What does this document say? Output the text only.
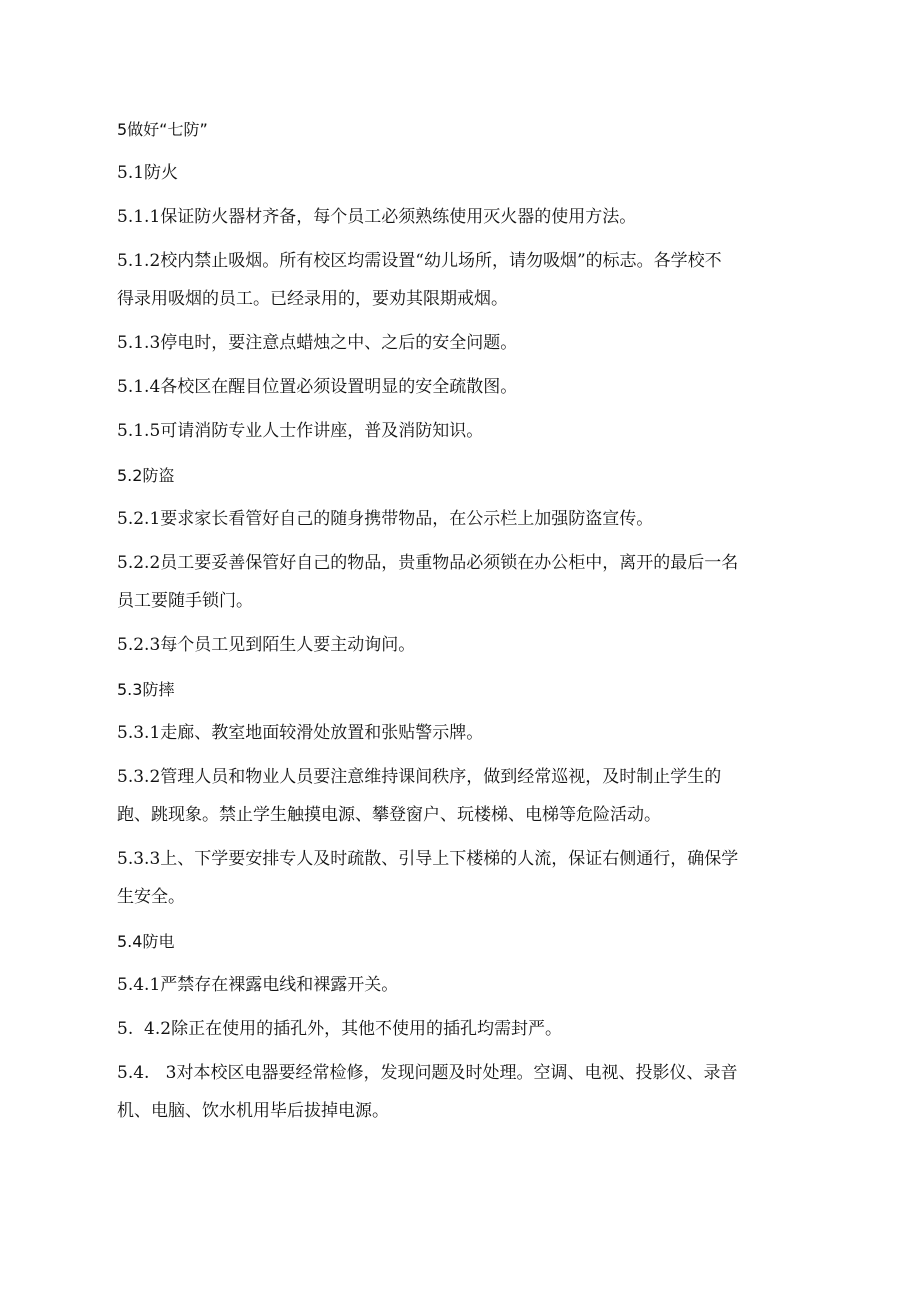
5做好“七防”

5.1防火

5.1.1保证防火器材齐备，每个员工必须熟练使用灭火器的使用方法。

5.1.2校内禁止吸烟。所有校区均需设置“幼儿场所，请勿吸烟”的标志。各学校不

得录用吸烟的员工。已经录用的，要劝其限期戒烟。

5.1.3停电时，要注意点蜡烛之中、之后的安全问题。

5.1.4各校区在醒目位置必须设置明显的安全疏散图。

5.1.5可请消防专业人士作讲座，普及消防知识。

5.2防盗

5.2.1要求家长看管好自己的随身携带物品，在公示栏上加强防盗宣传。

5.2.2员工要妥善保管好自己的物品，贵重物品必须锁在办公柜中，离开的最后一名

员工要随手锁门。

5.2.3每个员工见到陌生人要主动询问。

5.3防摔

5.3.1走廊、教室地面较滑处放置和张贴警示牌。

5.3.2管理人员和物业人员要注意维持课间秩序，做到经常巡视，及时制止学生的

跑、跳现象。禁止学生触摸电源、攀登窗户、玩楼梯、电梯等危险活动。

5.3.3上、下学要安排专人及时疏散、引导上下楼梯的人流，保证右侧通行，确保学

生安全。

5.4防电

5.4.1严禁存在裸露电线和裸露开关。

5.  4.2除正在使用的插孔外，其他不使用的插孔均需封严。

5.4.   3对本校区电器要经常检修，发现问题及时处理。空调、电视、投影仪、录音

机、电脑、饮水机用毕后拔掉电源。
